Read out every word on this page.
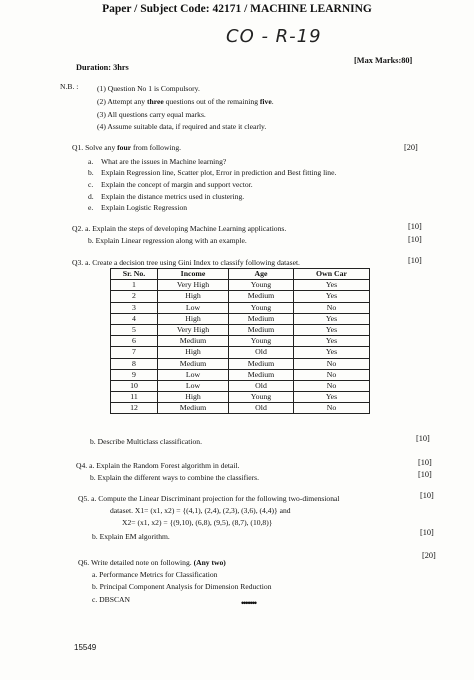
Paper / Subject Code: 42171 / MACHINE LEARNING
CO - R-19
Duration: 3hrs
[Max Marks:80]
N.B. : (1) Question No 1 is Compulsory.
(2) Attempt any three questions out of the remaining five.
(3) All questions carry equal marks.
(4) Assume suitable data, if required and state it clearly.
Q1. Solve any four from following.	[20]
a. What are the issues in Machine learning?
b. Explain Regression line, Scatter plot, Error in prediction and Best fitting line.
c. Explain the concept of margin and support vector.
d. Explain the distance metrics used in clustering.
e. Explain Logistic Regression
Q2. a. Explain the steps of developing Machine Learning applications.	[10]
b. Explain Linear regression along with an example.	[10]
Q3. a. Create a decision tree using Gini Index to classify following dataset.	[10]
Sr. No.	Income	Age	Own Car
1	Very High	Young	Yes
2	High	Medium	Yes
3	Low	Young	No
4	High	Medium	Yes
5	Very High	Medium	Yes
6	Medium	Young	Yes
7	High	Old	Yes
8	Medium	Medium	No
9	Low	Medium	No
10	Low	Old	No
11	High	Young	Yes
12	Medium	Old	No
b. Describe Multiclass classification.	[10]
Q4. a. Explain the Random Forest algorithm in detail.	[10]
b. Explain the different ways to combine the classifiers.	[10]
Q5. a. Compute the Linear Discriminant projection for the following two-dimensional	[10]
dataset. X1= (x1, x2) = {(4,1), (2,4), (2,3), (3,6), (4,4)} and
X2= (x1, x2) = {(9,10), (6,8), (9,5), (8,7), (10,8)}
b. Explain EM algorithm.	[10]
Q6. Write detailed note on following. (Any two)
[20]
a. Performance Metrics for Classification
b. Principal Component Analysis for Dimension Reduction
c. DBSCAN	•••••••
15549
